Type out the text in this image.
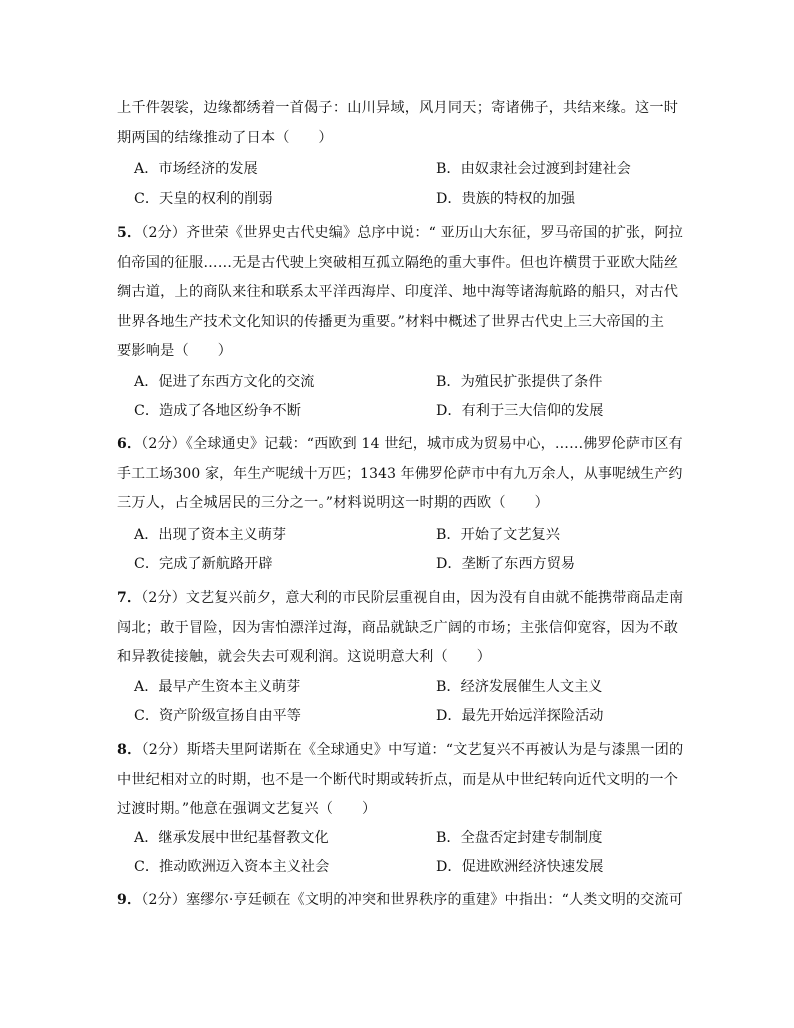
上千件袈裟，边缘都绣着一首偈子：山川异域，风月同天；寄诸佛子，共结来缘。这一时
期两国的结缘推动了日本（　　）
A．市场经济的发展	B．由奴隶社会过渡到封建社会
C．天皇的权利的削弱	D．贵族的特权的加强
5．（2分）齐世荣《世界史古代史编》总序中说：“ 亚历山大东征，罗马帝国的扩张，阿拉
伯帝国的征服……无是古代驶上突破相互孤立隔绝的重大事件。但也许横贯于亚欧大陆丝
绸古道，上的商队来往和联系太平洋西海岸、印度洋、地中海等诸海航路的船只，对古代
世界各地生产技术文化知识的传播更为重要。”材料中概述了世界古代史上三大帝国的主
要影响是（　　）
A．促进了东西方文化的交流	B．为殖民扩张提供了条件
C．造成了各地区纷争不断	D．有利于三大信仰的发展
6．（2分）《全球通史》记载：“西欧到 14 世纪，城市成为贸易中心，……佛罗伦萨市区有
手工工场300 家，年生产呢绒十万匹；1343 年佛罗伦萨市中有九万余人，从事呢绒生产约
三万人，占全城居民的三分之一。”材料说明这一时期的西欧（　　）
A．出现了资本主义萌芽	B．开始了文艺复兴
C．完成了新航路开辟	D．垄断了东西方贸易
7．（2分）文艺复兴前夕，意大利的市民阶层重视自由，因为没有自由就不能携带商品走南
闯北；敢于冒险，因为害怕漂洋过海，商品就缺乏广阔的市场；主张信仰宽容，因为不敢
和异教徒接触，就会失去可观利润。这说明意大利（　　）
A．最早产生资本主义萌芽	B．经济发展催生人文主义
C．资产阶级宣扬自由平等	D．最先开始远洋探险活动
8．（2分）斯塔夫里阿诺斯在《全球通史》中写道：“文艺复兴不再被认为是与漆黑一团的
中世纪相对立的时期，也不是一个断代时期或转折点，而是从中世纪转向近代文明的一个
过渡时期。”他意在强调文艺复兴（　　）
A．继承发展中世纪基督教文化	B．全盘否定封建专制制度
C．推动欧洲迈入资本主义社会	D．促进欧洲经济快速发展
9．（2分）塞缪尔·亨廷顿在《文明的冲突和世界秩序的重建》中指出：“人类文明的交流可
